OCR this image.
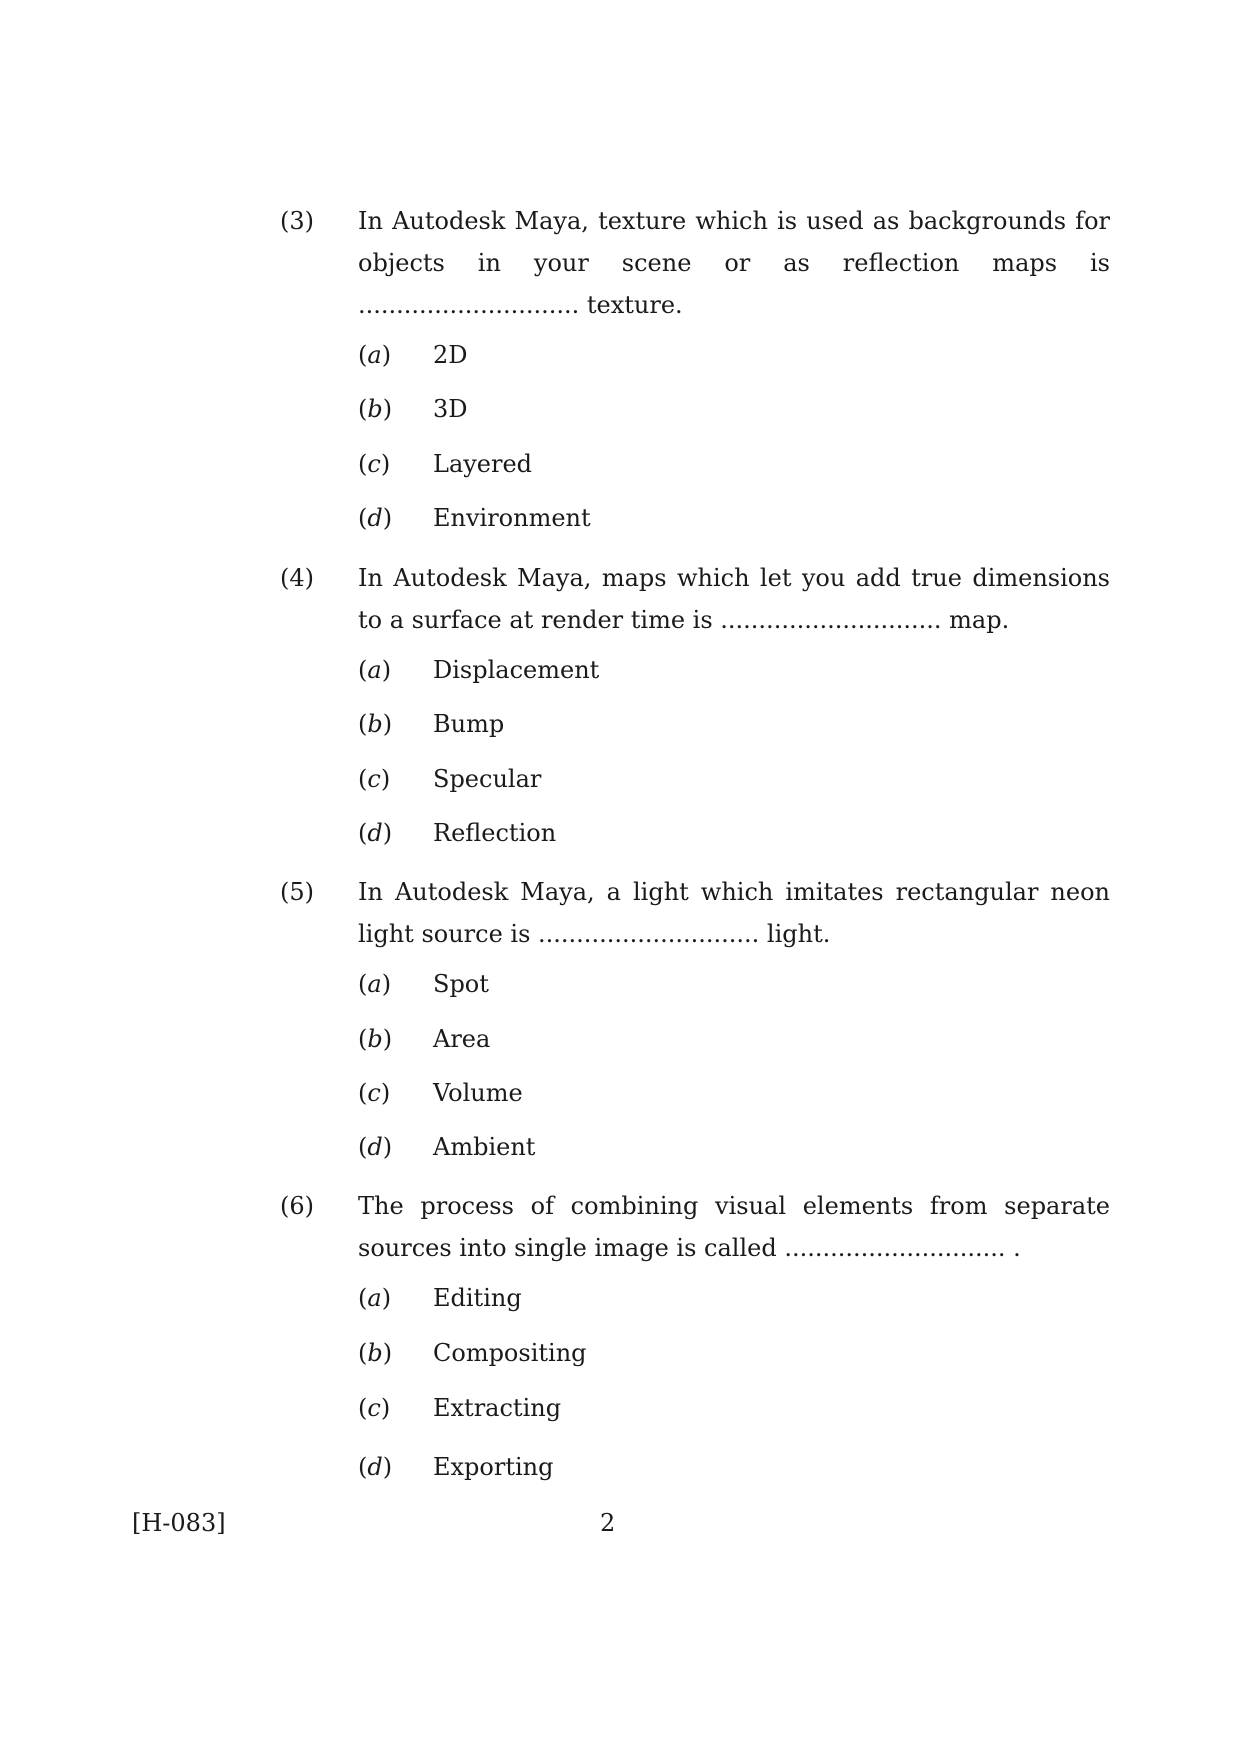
(3) In Autodesk Maya, texture which is used as backgrounds for objects in your scene or as reflection maps is ............................. texture.
(a) 2D
(b) 3D
(c) Layered
(d) Environment
(4) In Autodesk Maya, maps which let you add true dimensions to a surface at render time is ............................. map.
(a) Displacement
(b) Bump
(c) Specular
(d) Reflection
(5) In Autodesk Maya, a light which imitates rectangular neon light source is ............................. light.
(a) Spot
(b) Area
(c) Volume
(d) Ambient
(6) The process of combining visual elements from separate sources into single image is called ............................. .
(a) Editing
(b) Compositing
(c) Extracting
(d) Exporting
[H-083]	2
